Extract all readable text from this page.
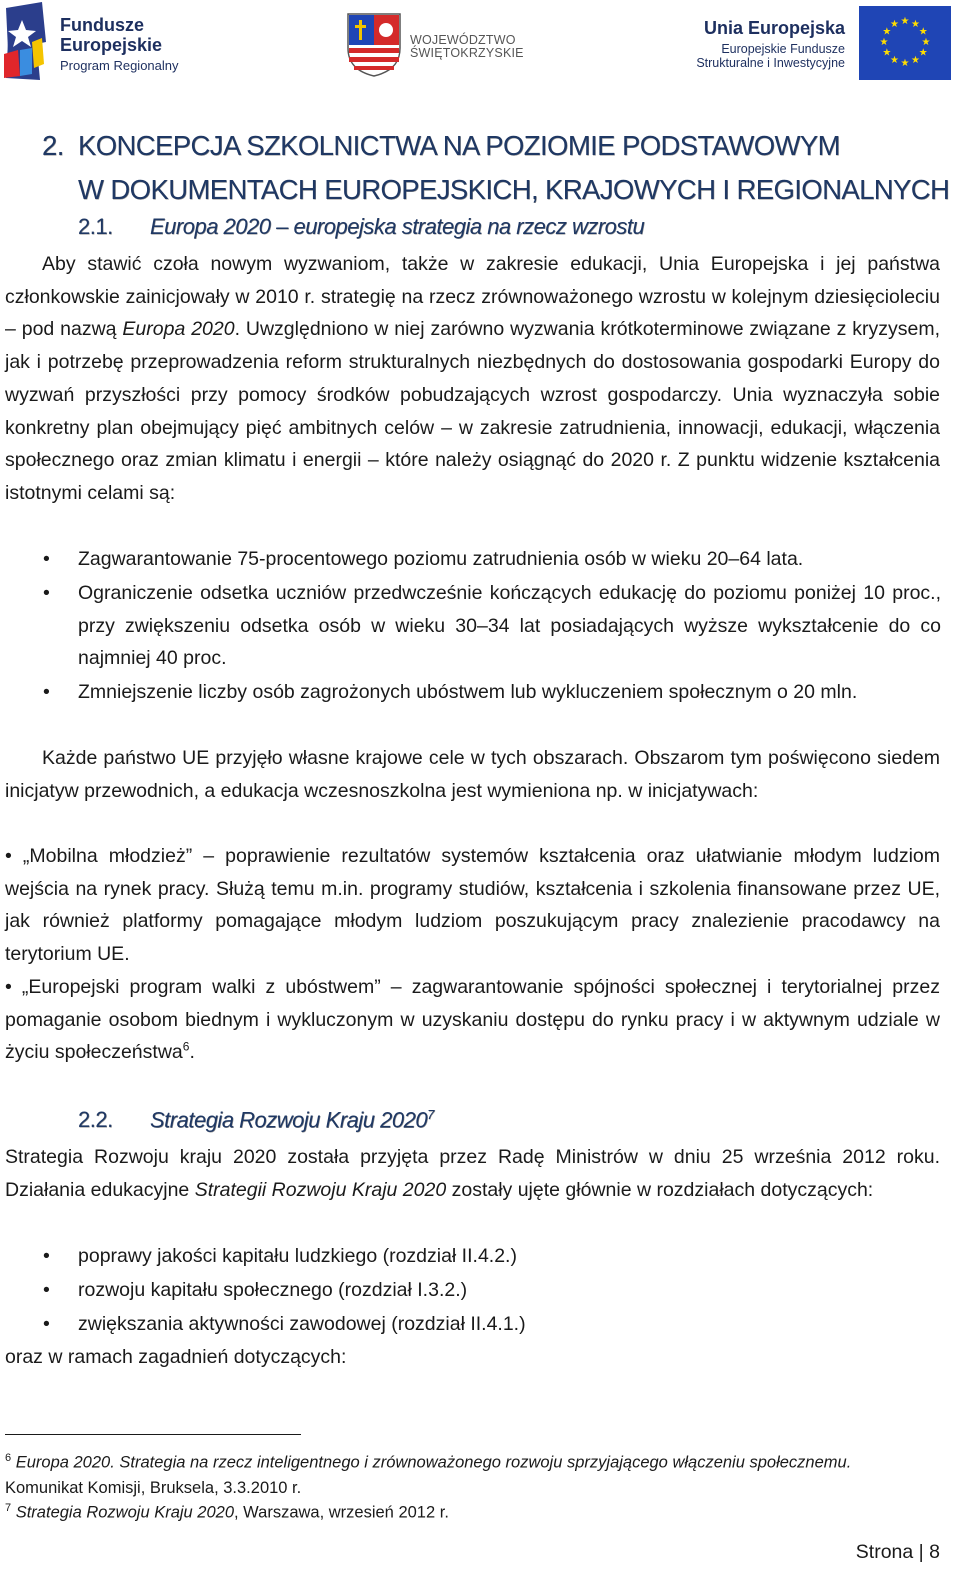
Fundusze
Europejskie
Program Regionalny
WOJEWÓDZTWO
ŚWIĘTOKRZYSKIE
Unia Europejska
Europejskie Fundusze
Strukturalne i Inwestycyjne
★ ★
★
★
★
★
★
★
★
★
★
★
2. KONCEPCJA SZKOLNICTWA NA POZIOMIE PODSTAWOWYM
W DOKUMENTACH EUROPEJSKICH, KRAJOWYCH I REGIONALNYCH
2.1. Europa 2020 – europejska strategia na rzecz wzrostu
Aby stawić czoła nowym wyzwaniom, także w zakresie edukacji, Unia Europejska i jej państwa członkowskie zainicjowały w 2010 r. strategię na rzecz zrównoważonego wzrostu w kolejnym dziesięcioleciu – pod nazwą Europa 2020. Uwzględniono w niej zarówno wyzwania krótkoterminowe związane z kryzysem, jak i potrzebę przeprowadzenia reform strukturalnych niezbędnych do dostosowania gospodarki Europy do wyzwań przyszłości przy pomocy środków pobudzających wzrost gospodarczy. Unia wyznaczyła sobie konkretny plan obejmujący pięć ambitnych celów – w zakresie zatrudnienia, innowacji, edukacji, włączenia społecznego oraz zmian klimatu i energii – które należy osiągnąć do 2020 r. Z punktu widzenie kształcenia istotnymi celami są:
•	Zagwarantowanie 75-procentowego poziomu zatrudnienia osób w wieku 20–64 lata.
•	Ograniczenie odsetka uczniów przedwcześnie kończących edukację do poziomu poniżej 10 proc., przy zwiększeniu odsetka osób w wieku 30–34 lat posiadających wyższe wykształcenie do co najmniej 40 proc.
•	Zmniejszenie liczby osób zagrożonych ubóstwem lub wykluczeniem społecznym o 20 mln.
Każde państwo UE przyjęło własne krajowe cele w tych obszarach. Obszarom tym poświęcono siedem inicjatyw przewodnich, a edukacja wczesnoszkolna jest wymieniona np. w inicjatywach:
• „Mobilna młodzież” – poprawienie rezultatów systemów kształcenia oraz ułatwianie młodym ludziom wejścia na rynek pracy. Służą temu m.in. programy studiów, kształcenia i szkolenia finansowane przez UE, jak również platformy pomagające młodym ludziom poszukującym pracy znalezienie pracodawcy na terytorium UE.
• „Europejski program walki z ubóstwem” – zagwarantowanie spójności społecznej i terytorialnej przez pomaganie osobom biednym i wykluczonym w uzyskaniu dostępu do rynku pracy i w aktywnym udziale w życiu społeczeństwa$^6$.
2.2. Strategia Rozwoju Kraju 2020$^7$
Strategia Rozwoju kraju 2020 została przyjęta przez Radę Ministrów w dniu 25 września 2012 roku. Działania edukacyjne Strategii Rozwoju Kraju 2020 zostały ujęte głównie w rozdziałach dotyczących:
•	poprawy jakości kapitału ludzkiego (rozdział II.4.2.)
•	rozwoju kapitału społecznego (rozdział I.3.2.)
•	zwiększania aktywności zawodowej (rozdział II.4.1.)
oraz w ramach zagadnień dotyczących:
$^6$ Europa 2020. Strategia na rzecz inteligentnego i zrównoważonego rozwoju sprzyjającego włączeniu społecznemu. Komunikat Komisji, Bruksela, 3.3.2010 r.
$^7$ Strategia Rozwoju Kraju 2020, Warszawa, wrzesień 2012 r.
Strona | 8
